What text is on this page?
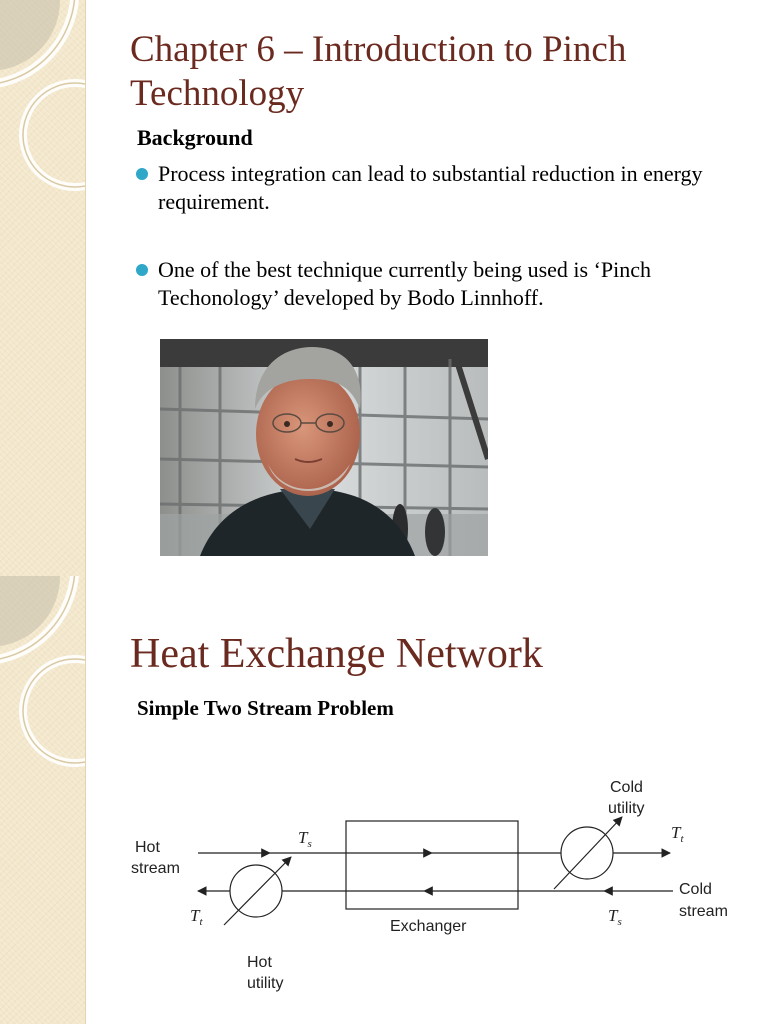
Chapter 6 – Introduction to Pinch Technology
Background
Process integration can lead to substantial reduction in energy requirement.
One of the best technique currently being used is ‘Pinch Techonology’ developed by Bodo Linnhoff.
Heat Exchange Network
Simple Two Stream Problem
Hot
stream
$T_s$
Exchanger
$T_t$
Cold
utility
Cold
stream
$T_s$
$T_t$
Hot
utility
